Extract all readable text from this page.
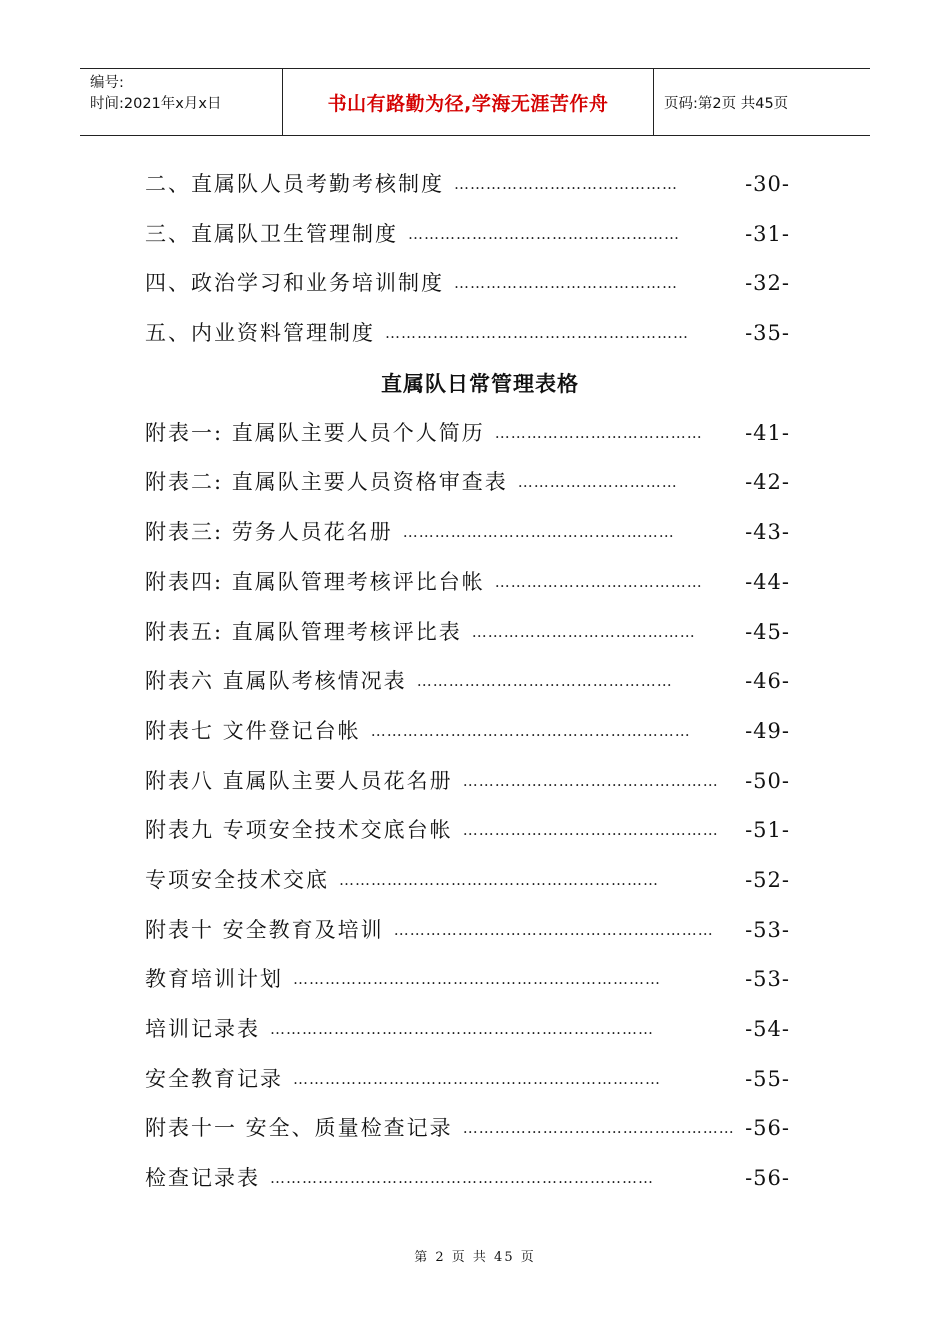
编号:
时间:2021年x月x日	书山有路勤为径,学海无涯苦作舟	页码:第2页 共45页
二、直属队人员考勤考核制度 ……………………………………	-30-
三、直属队卫生管理制度 ……………………………………………	-31-
四、政治学习和业务培训制度 ……………………………………	-32-
五、内业资料管理制度 …………………………………………………	-35-
直属队日常管理表格
附表一: 直属队主要人员个人简历 …………………………………	-41-
附表二: 直属队主要人员资格审查表 …………………………	-42-
附表三: 劳务人员花名册 ……………………………………………	-43-
附表四: 直属队管理考核评比台帐 …………………………………	-44-
附表五: 直属队管理考核评比表 ……………………………………	-45-
附表六 直属队考核情况表 …………………………………………	-46-
附表七 文件登记台帐 ……………………………………………………	-49-
附表八 直属队主要人员花名册 …………………………………………	-50-
附表九 专项安全技术交底台帐 …………………………………………	-51-
专项安全技术交底 ……………………………………………………	-52-
附表十 安全教育及培训 ……………………………………………………	-53-
教育培训计划 ……………………………………………………………	-53-
培训记录表 ………………………………………………………………	-54-
安全教育记录 ……………………………………………………………	-55-
附表十一 安全、质量检查记录 …………………………………………… -56-
检查记录表 ………………………………………………………………	-56-
第 2 页 共 45 页
